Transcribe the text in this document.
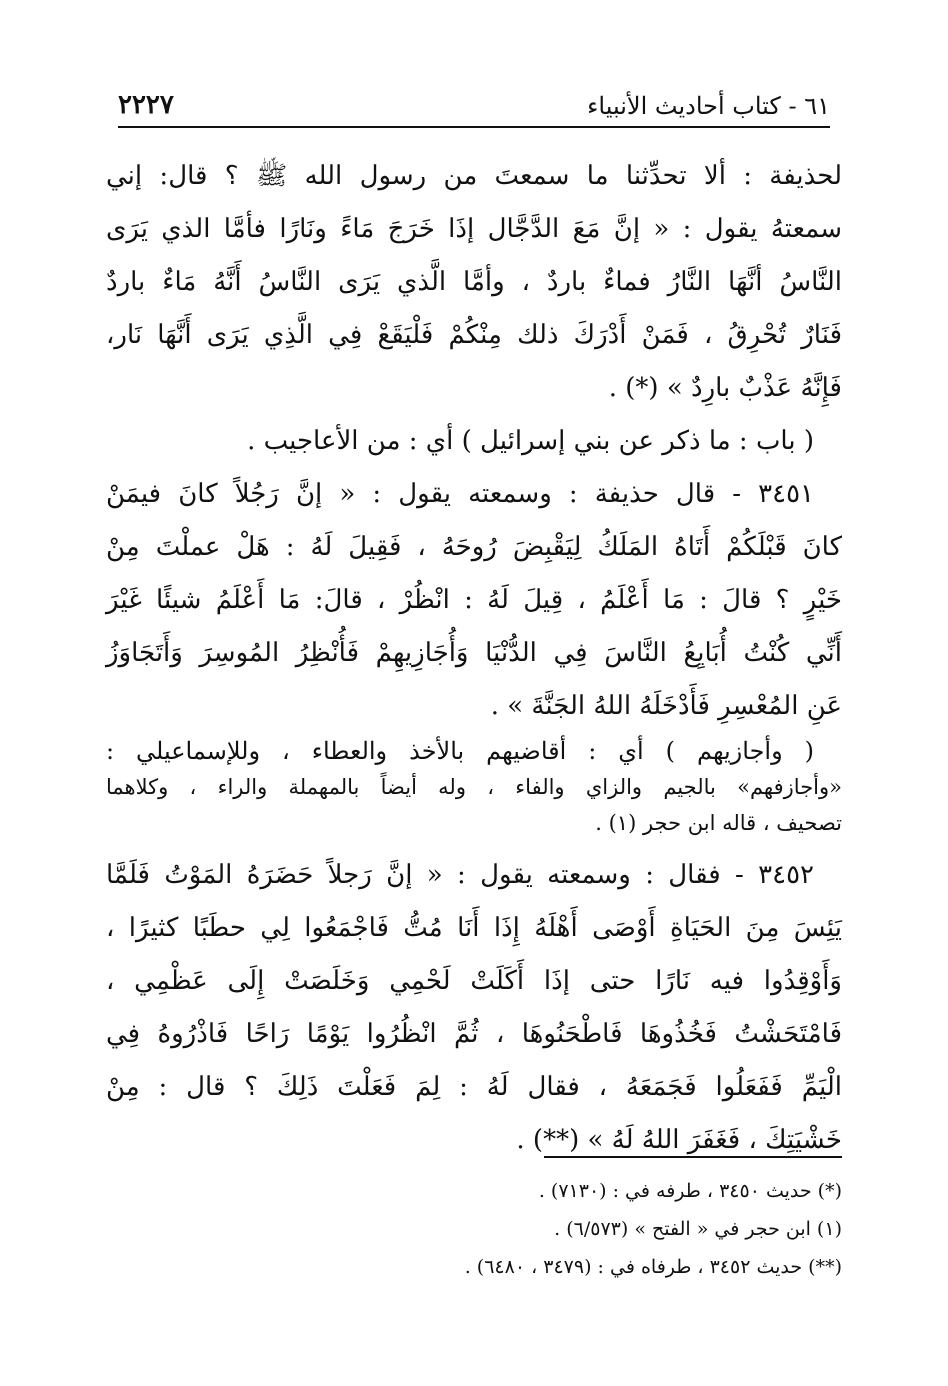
٦١ - كتاب أحاديث الأنبياء
٢٢٢٧
لحذيفة : ألا تحدِّثنا ما سمعتَ من رسول الله ﷺ ؟ قال: إني
سمعتهُ يقول : « إنَّ مَعَ الدَّجَّال إذَا خَرَجَ مَاءً ونَارًا فأمَّا الذي يَرَى
النَّاسُ أنَّهَا النَّارُ فماءٌ باردٌ ، وأمَّا الَّذي يَرَى النَّاسُ أَنَّهُ مَاءٌ باردٌ
فَنَارٌ تُحْرِقُ ، فَمَنْ أَدْرَكَ ذلك مِنْكُمْ فَلْيَقَعْ فِي الَّذِي يَرَى أَنَّهَا نَار،
فَإِنَّهُ عَذْبٌ بارِدٌ » (*) .
( باب : ما ذكر عن بني إسرائيل ) أي : من الأعاجيب .
٣٤٥١ - قال حذيفة : وسمعته يقول : « إنَّ رَجُلاً كانَ فيمَنْ
كانَ قَبْلَكُمْ أَتَاهُ المَلَكُ لِيَقْبِضَ رُوحَهُ ، فَقِيلَ لَهُ : هَلْ عملْتَ مِنْ
خَيْرٍ ؟ قالَ : مَا أَعْلَمُ ، قِيلَ لَهُ : انْظُرْ ، قالَ: مَا أَعْلَمُ شيئًا غَيْرَ
أَنِّي كُنْتُ أُبَايِعُ النَّاسَ فِي الدُّنْيَا وَأُجَازِيهِمْ فَأُنْظِرُ المُوسِرَ وَأَتَجَاوَزُ
عَنِ المُعْسِرِ فَأَدْخَلَهُ اللهُ الجَنَّةَ » .
( وأجازيهم ) أي : أقاضيهم بالأخذ والعطاء ، وللإسماعيلي :
«وأجازفهم» بالجيم والزاي والفاء ، وله أيضاً بالمهملة والراء ، وكلاهما
تصحيف ، قاله ابن حجر (١) .
٣٤٥٢ - فقال : وسمعته يقول : « إنَّ رَجلاً حَضَرَهُ المَوْتُ فَلَمَّا
يَئِسَ مِنَ الحَيَاةِ أَوْصَى أَهْلَهُ إِذَا أَنَا مُتُّ فَاجْمَعُوا لِي حطَبًا كثيرًا ،
وَأَوْقِدُوا فيه نَارًا حتى إذَا أَكَلَتْ لَحْمِي وَخَلَصَتْ إِلَى عَظْمِي ،
فَامْتَحَشْتُ فَخُذُوهَا فَاطْحَنُوهَا ، ثُمَّ انْظُرُوا يَوْمًا رَاحًا فَاذْرُوهُ فِي
الْيَمِّ فَفَعَلُوا فَجَمَعَهُ ، فقال لَهُ : لِمَ فَعَلْتَ ذَلِكَ ؟ قال : مِنْ
خَشْيَتِكَ ، فَغَفَرَ اللهُ لَهُ » (**) .
(*) حديث ٣٤٥٠ ، طرفه في : (٧١٣٠) .
(١) ابن حجر في « الفتح » (٦/٥٧٣) .
(**) حديث ٣٤٥٢ ، طرفاه في : (٣٤٧٩ ، ٦٤٨٠) .
